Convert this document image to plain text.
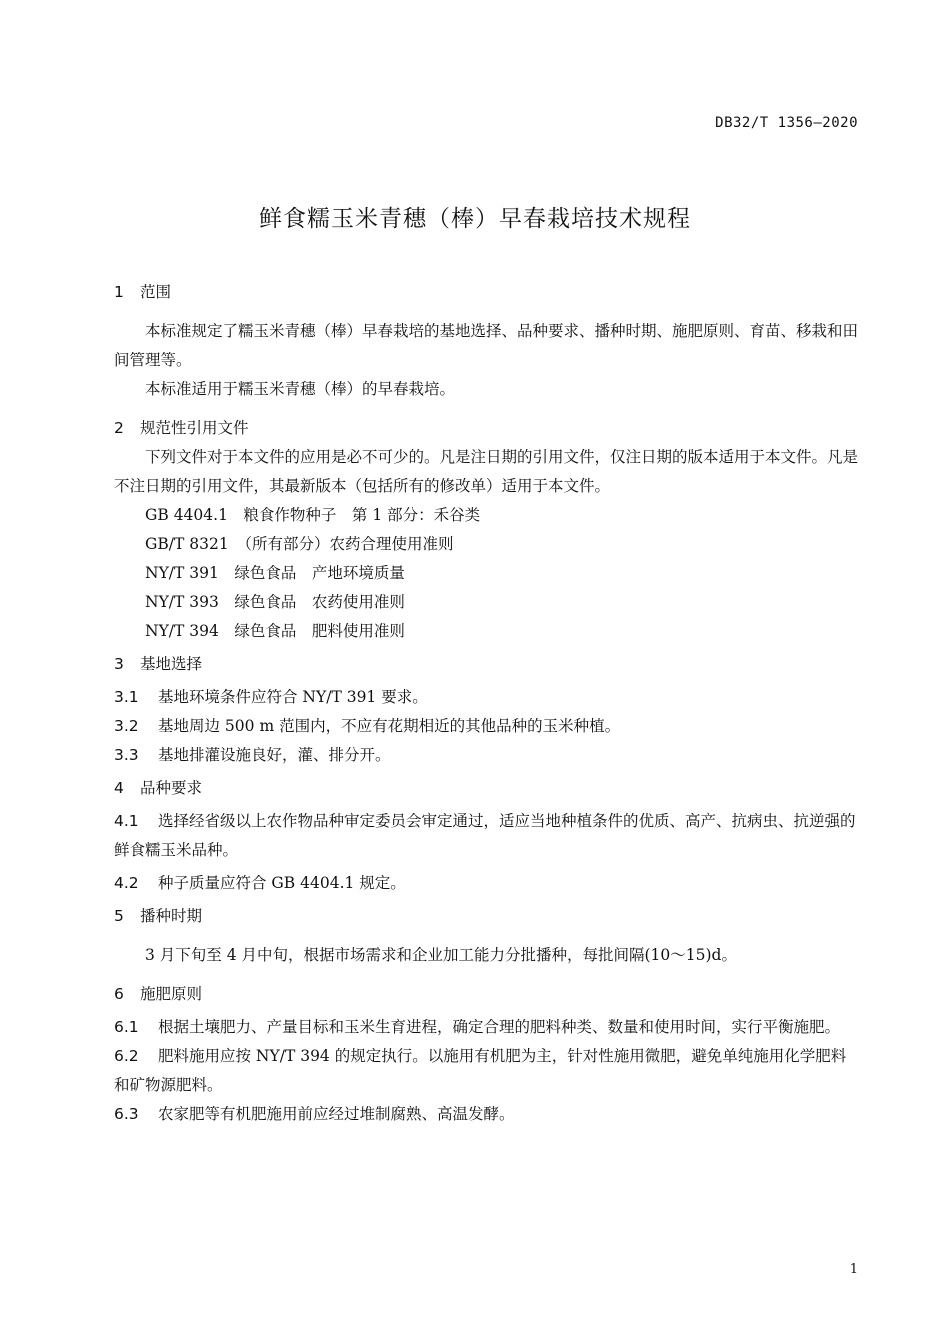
DB32/T 1356—2020
鲜食糯玉米青穗（棒）早春栽培技术规程

1 范围

本标准规定了糯玉米青穗（棒）早春栽培的基地选择、品种要求、播种时期、施肥原则、育苗、移栽和田间管理等。

本标准适用于糯玉米青穗（棒）的早春栽培。

2 规范性引用文件

下列文件对于本文件的应用是必不可少的。凡是注日期的引用文件，仅注日期的版本适用于本文件。凡是不注日期的引用文件，其最新版本（包括所有的修改单）适用于本文件。

GB 4404.1　粮食作物种子　第 1 部分：禾谷类

GB/T 8321　（所有部分）农药合理使用准则

NY/T 391　绿色食品　产地环境质量

NY/T 393　绿色食品　农药使用准则

NY/T 394　绿色食品　肥料使用准则

3 基地选择

3.1 基地环境条件应符合 NY/T 391 要求。

3.2 基地周边 500 m 范围内，不应有花期相近的其他品种的玉米种植。

3.3 基地排灌设施良好，灌、排分开。

4 品种要求

4.1 选择经省级以上农作物品种审定委员会审定通过，适应当地种植条件的优质、高产、抗病虫、抗逆强的鲜食糯玉米品种。

4.2 种子质量应符合 GB 4404.1 规定。

5 播种时期

3 月下旬至 4 月中旬，根据市场需求和企业加工能力分批播种，每批间隔(10～15)d。

6 施肥原则

6.1 根据土壤肥力、产量目标和玉米生育进程，确定合理的肥料种类、数量和使用时间，实行平衡施肥。

6.2 肥料施用应按 NY/T 394 的规定执行。以施用有机肥为主，针对性施用微肥，避免单纯施用化学肥料和矿物源肥料。

6.3 农家肥等有机肥施用前应经过堆制腐熟、高温发酵。

1
